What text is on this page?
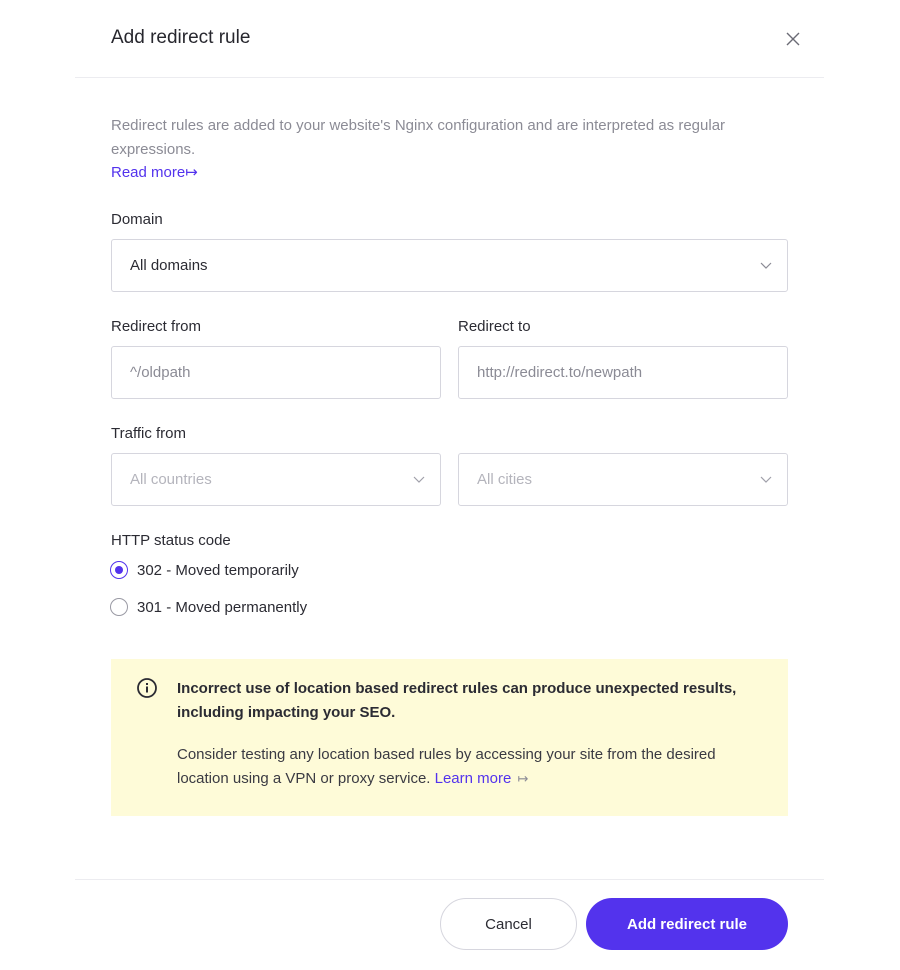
Add redirect rule
Redirect rules are added to your website's Nginx configuration and are interpreted as regular expressions.
Read more↦
Domain
All domains
Redirect from
^/oldpath
Redirect to
http://redirect.to/newpath
Traffic from
All countries	All cities
HTTP status code
302 - Moved temporarily
301 - Moved permanently
Incorrect use of location based redirect rules can produce unexpected results, including impacting your SEO.
Consider testing any location based rules by accessing your site from the desired location using a VPN or proxy service. Learn more ↦
Cancel	Add redirect rule
